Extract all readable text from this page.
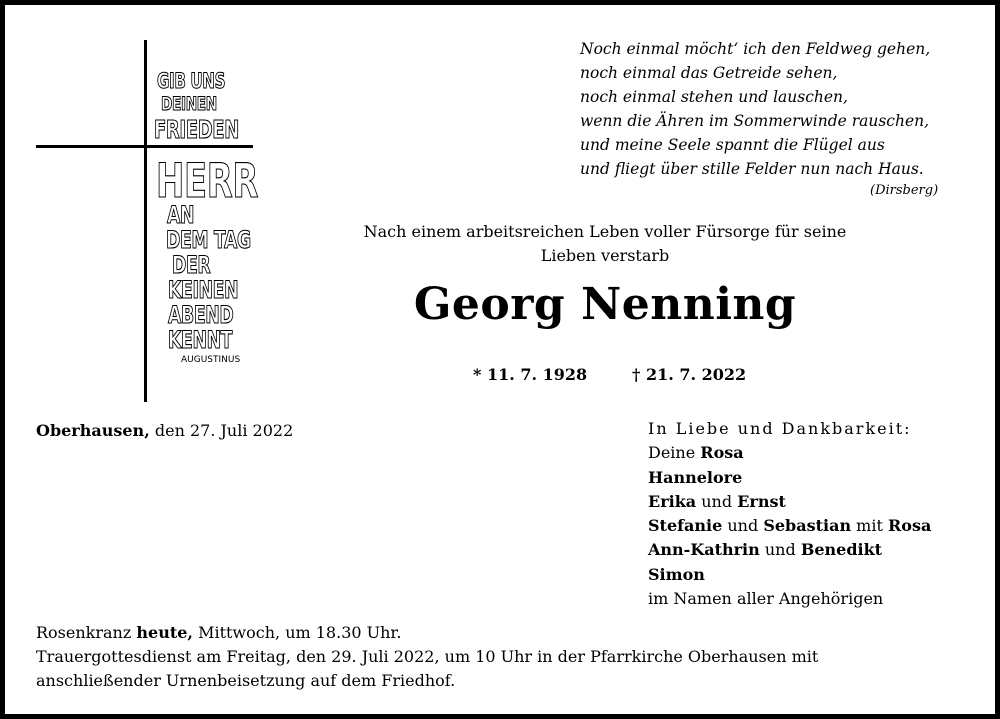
GIB UNS
DEINEN
FRIEDEN
HERR
AN
DEM TAG
DER
KEINEN
ABEND
KENNT
AUGUSTINUS
Noch einmal möcht‘ ich den Feldweg gehen,
noch einmal das Getreide sehen,
noch einmal stehen und lauschen,
wenn die Ähren im Sommerwinde rauschen,
und meine Seele spannt die Flügel aus
und fliegt über stille Felder nun nach Haus.
(Dirsberg)
Nach einem arbeitsreichen Leben voller Fürsorge für seine
Lieben verstarb
Georg Nenning
* 11. 7. 1928	† 21. 7. 2022
Oberhausen, den 27. Juli 2022	In Liebe und Dankbarkeit:
Deine Rosa
Hannelore
Erika und Ernst
Stefanie und Sebastian mit Rosa
Ann-Kathrin und Benedikt
Simon
im Namen aller Angehörigen
Rosenkranz heute, Mittwoch, um 18.30 Uhr.
Trauergottesdienst am Freitag, den 29. Juli 2022, um 10 Uhr in der Pfarrkirche Oberhausen mit
anschließender Urnenbeisetzung auf dem Friedhof.
